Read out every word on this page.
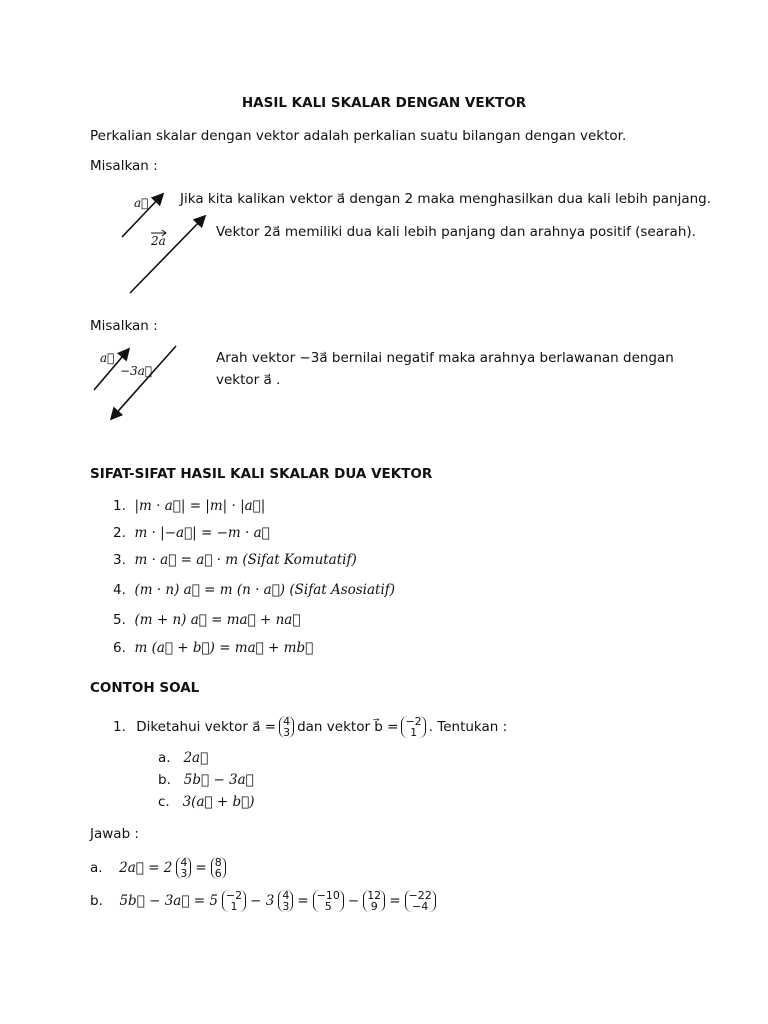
HASIL KALI SKALAR DENGAN VEKTOR
Perkalian skalar dengan vektor adalah perkalian suatu bilangan dengan vektor.
Misalkan :
a⃗
2a
Jika kita kalikan vektor a⃗ dengan 2 maka menghasilkan dua kali lebih panjang.
Vektor 2a⃗ memiliki dua kali lebih panjang dan arahnya positif (searah).
Misalkan :
a⃗
−3a⃗
Arah vektor −3a⃗ bernilai negatif maka arahnya berlawanan dengan
vektor a⃗ .
SIFAT-SIFAT HASIL KALI SKALAR DUA VEKTOR
1. |m · a⃗| = |m| · |a⃗|
2. m · |−a⃗| = −m · a⃗
3. m · a⃗ = a⃗ · m (Sifat Komutatif)
4. (m · n) a⃗ = m (n · a⃗) (Sifat Asosiatif)
5. (m + n) a⃗ = ma⃗ + na⃗
6. m (a⃗ + b⃗) = ma⃗ + mb⃗
CONTOH SOAL
1.
Diketahui vektor a⃗ = 4
3 dan vektor b⃗ = −2
1 . Tentukan :
a. 2a⃗
b. 5b⃗ − 3a⃗
c. 3(a⃗ + b⃗)
Jawab :
a.
2a⃗ = 2 4
3 = 8
6
b.
5b⃗ − 3a⃗ = 5 −2
1 − 3 4
3 = −10
5 − 12
9 = −22
−4
